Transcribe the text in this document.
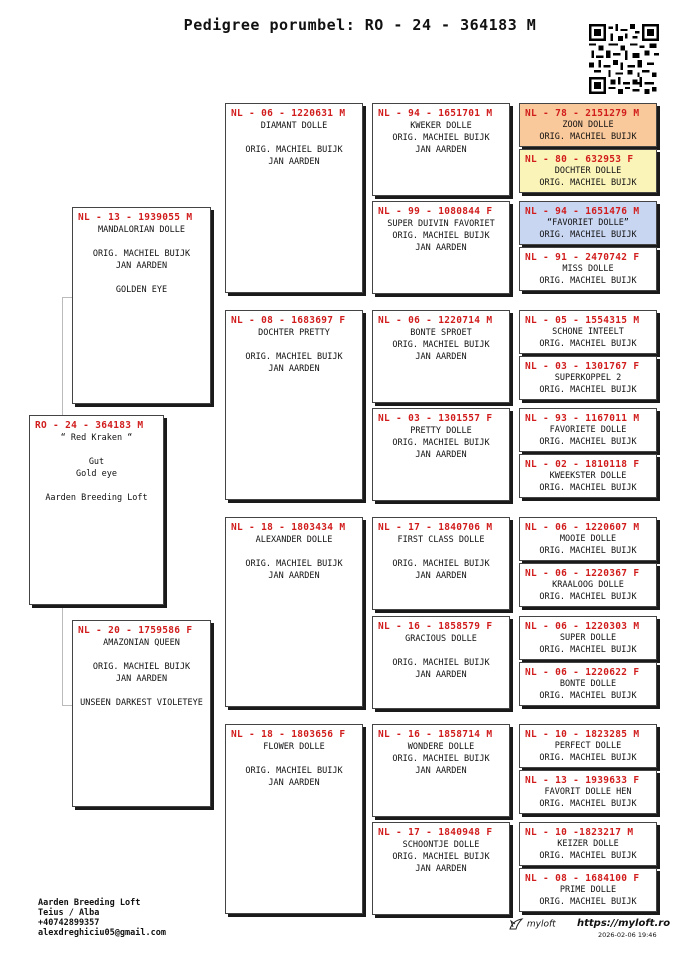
Pedigree porumbel: RO - 24 - 364183 M
RO - 24 - 364183 M
“ Red Kraken “
Gut
Gold eye
Aarden Breeding Loft
NL - 13 - 1939055 M
MANDALORIAN DOLLE
ORIG. MACHIEL BUIJK
JAN AARDEN
GOLDEN EYE
NL - 20 - 1759586 F
AMAZONIAN QUEEN
ORIG. MACHIEL BUIJK
JAN AARDEN
UNSEEN DARKEST VIOLETEYE
NL - 06 - 1220631 M
DIAMANT DOLLE
ORIG. MACHIEL BUIJK
JAN AARDEN
NL - 08 - 1683697 F
DOCHTER PRETTY
ORIG. MACHIEL BUIJK
JAN AARDEN
NL - 18 - 1803434 M
ALEXANDER DOLLE
ORIG. MACHIEL BUIJK
JAN AARDEN
NL - 18 - 1803656 F
FLOWER DOLLE
ORIG. MACHIEL BUIJK
JAN AARDEN
NL - 94 - 1651701 M
KWEKER DOLLE
ORIG. MACHIEL BUIJK
JAN AARDEN
NL - 99 - 1080844 F
SUPER DUIVIN FAVORIET
ORIG. MACHIEL BUIJK
JAN AARDEN
NL - 06 - 1220714 M
BONTE SPROET
ORIG. MACHIEL BUIJK
JAN AARDEN
NL - 03 - 1301557 F
PRETTY DOLLE
ORIG. MACHIEL BUIJK
JAN AARDEN
NL - 17 - 1840706 M
FIRST CLASS DOLLE
ORIG. MACHIEL BUIJK
JAN AARDEN
NL - 16 - 1858579 F
GRACIOUS DOLLE
ORIG. MACHIEL BUIJK
JAN AARDEN
NL - 16 - 1858714 M
WONDERE DOLLE
ORIG. MACHIEL BUIJK
JAN AARDEN
NL - 17 - 1840948 F
SCHOONTJE DOLLE
ORIG. MACHIEL BUIJK
JAN AARDEN
NL - 78 - 2151279 M
ZOON DOLLE
ORIG. MACHIEL BUIJK
NL - 80 - 632953 F
DOCHTER DOLLE
ORIG. MACHIEL BUIJK
NL - 94 - 1651476 M
“FAVORIET DOLLE”
ORIG. MACHIEL BUIJK
NL - 91 - 2470742 F
MISS DOLLE
ORIG. MACHIEL BUIJK
NL - 05 - 1554315 M
SCHONE INTEELT
ORIG. MACHIEL BUIJK
NL - 03 - 1301767 F
SUPERKOPPEL 2
ORIG. MACHIEL BUIJK
NL - 93 - 1167011 M
FAVORIETE DOLLE
ORIG. MACHIEL BUIJK
NL - 02 - 1810118 F
KWEEKSTER DOLLE
ORIG. MACHIEL BUIJK
NL - 06 - 1220607 M
MOOIE DOLLE
ORIG. MACHIEL BUIJK
NL - 06 - 1220367 F
KRAALOOG DOLLE
ORIG. MACHIEL BUIJK
NL - 06 - 1220303 M
SUPER DOLLE
ORIG. MACHIEL BUIJK
NL - 06 - 1220622 F
BONTE DOLLE
ORIG. MACHIEL BUIJK
NL - 10 - 1823285 M
PERFECT DOLLE
ORIG. MACHIEL BUIJK
NL - 13 - 1939633 F
FAVORIT DOLLE HEN
ORIG. MACHIEL BUIJK
NL - 10 -1823217 M
KEIZER DOLLE
ORIG. MACHIEL BUIJK
NL - 08 - 1684100 F
PRIME DOLLE
ORIG. MACHIEL BUIJK
Aarden Breeding Loft
Teius / Alba
+40742899357
alexdreghiciu05@gmail.com
myloft https://myloft.ro
2026-02-06 19:46
